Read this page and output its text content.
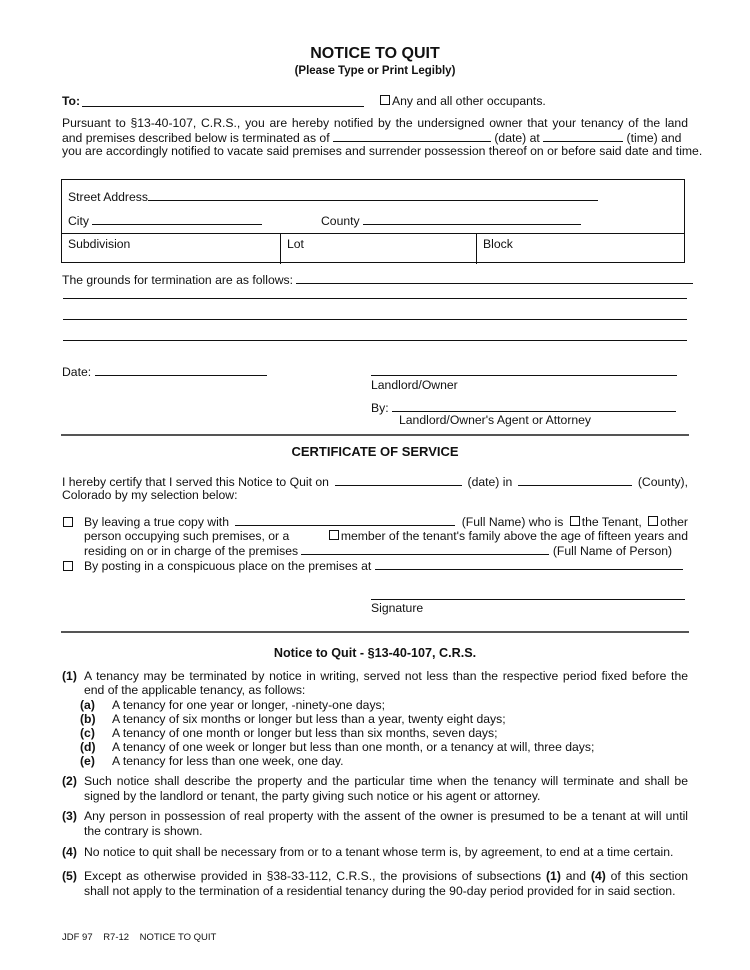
NOTICE TO QUIT
(Please Type or Print Legibly)
To:	Any and all other occupants.
Pursuant to §13-40-107, C.R.S., you are hereby notified by the undersigned owner that your tenancy of the land
and premises described below is terminated as of	(date) at	(time) and
you are accordingly notified to vacate said premises and surrender possession thereof on or before said date and time.
Street Address
City	County
Subdivision	Lot	Block
The grounds for termination are as follows:
Date:
Landlord/Owner
By:
Landlord/Owner's Agent or Attorney
CERTIFICATE OF SERVICE
I hereby certify that I served this Notice to Quit on	(date) in	(County),
Colorado by my selection below:
By leaving a true copy with	(Full Name) who is	the Tenant,	other
person occupying such premises, or a	member of the tenant's family above the age of fifteen years and
residing on or in charge of the premises	(Full Name of Person)
By posting in a conspicuous place on the premises at
Signature
Notice to Quit - §13-40-107, C.R.S.
(1) A tenancy may be terminated by notice in writing, served not less than the respective period fixed before the
end of the applicable tenancy, as follows:
(a) A tenancy for one year or longer, -ninety-one days;
(b) A tenancy of six months or longer but less than a year, twenty eight days;
(c) A tenancy of one month or longer but less than six months, seven days;
(d) A tenancy of one week or longer but less than one month, or a tenancy at will, three days;
(e) A tenancy for less than one week, one day.
(2) Such notice shall describe the property and the particular time when the tenancy will terminate and shall be signed by the landlord or tenant, the party giving such notice or his agent or attorney.
(3) Any person in possession of real property with the assent of the owner is presumed to be a tenant at will until the contrary is shown.
(4) No notice to quit shall be necessary from or to a tenant whose term is, by agreement, to end at a time certain.
(5) Except as otherwise provided in §38-33-112, C.R.S., the provisions of subsections (1) and (4) of this section shall not apply to the termination of a residential tenancy during the 90-day period provided for in said section.
JDF 97 R7-12 NOTICE TO QUIT
